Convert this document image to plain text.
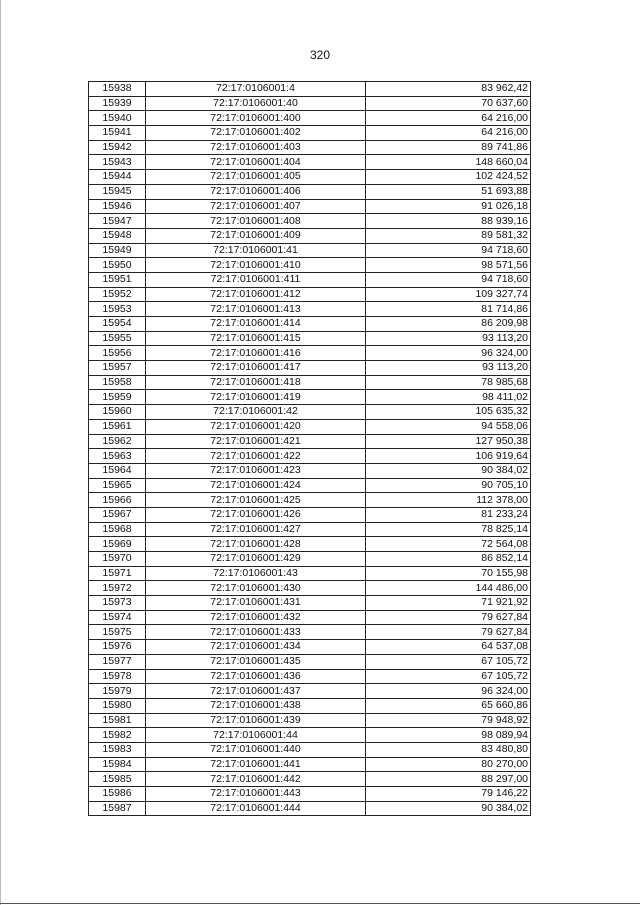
320
15938	72:17:0106001:4	83 962,42
15939	72:17:0106001:40	70 637,60
15940	72:17:0106001:400	64 216,00
15941	72:17:0106001:402	64 216,00
15942	72:17:0106001:403	89 741,86
15943	72:17:0106001:404	148 660,04
15944	72:17:0106001:405	102 424,52
15945	72:17:0106001:406	51 693,88
15946	72:17:0106001:407	91 026,18
15947	72:17:0106001:408	88 939,16
15948	72:17:0106001:409	89 581,32
15949	72:17:0106001:41	94 718,60
15950	72:17:0106001:410	98 571,56
15951	72:17:0106001:411	94 718,60
15952	72:17:0106001:412	109 327,74
15953	72:17:0106001:413	81 714,86
15954	72:17:0106001:414	86 209,98
15955	72:17:0106001:415	93 113,20
15956	72:17:0106001:416	96 324,00
15957	72:17:0106001:417	93 113,20
15958	72:17:0106001:418	78 985,68
15959	72:17:0106001:419	98 411,02
15960	72:17:0106001:42	105 635,32
15961	72:17:0106001:420	94 558,06
15962	72:17:0106001:421	127 950,38
15963	72:17:0106001:422	106 919,64
15964	72:17:0106001:423	90 384,02
15965	72:17:0106001:424	90 705,10
15966	72:17:0106001:425	112 378,00
15967	72:17:0106001:426	81 233,24
15968	72:17:0106001:427	78 825,14
15969	72:17:0106001:428	72 564,08
15970	72:17:0106001:429	86 852,14
15971	72:17:0106001:43	70 155,98
15972	72:17:0106001:430	144 486,00
15973	72:17:0106001:431	71 921,92
15974	72:17:0106001:432	79 627,84
15975	72:17:0106001:433	79 627,84
15976	72:17:0106001:434	64 537,08
15977	72:17:0106001:435	67 105,72
15978	72:17:0106001:436	67 105,72
15979	72:17:0106001:437	96 324,00
15980	72:17:0106001:438	65 660,86
15981	72:17:0106001:439	79 948,92
15982	72:17:0106001:44	98 089,94
15983	72:17:0106001:440	83 480,80
15984	72:17:0106001:441	80 270,00
15985	72:17:0106001:442	88 297,00
15986	72:17:0106001:443	79 146,22
15987	72:17:0106001:444	90 384,02
